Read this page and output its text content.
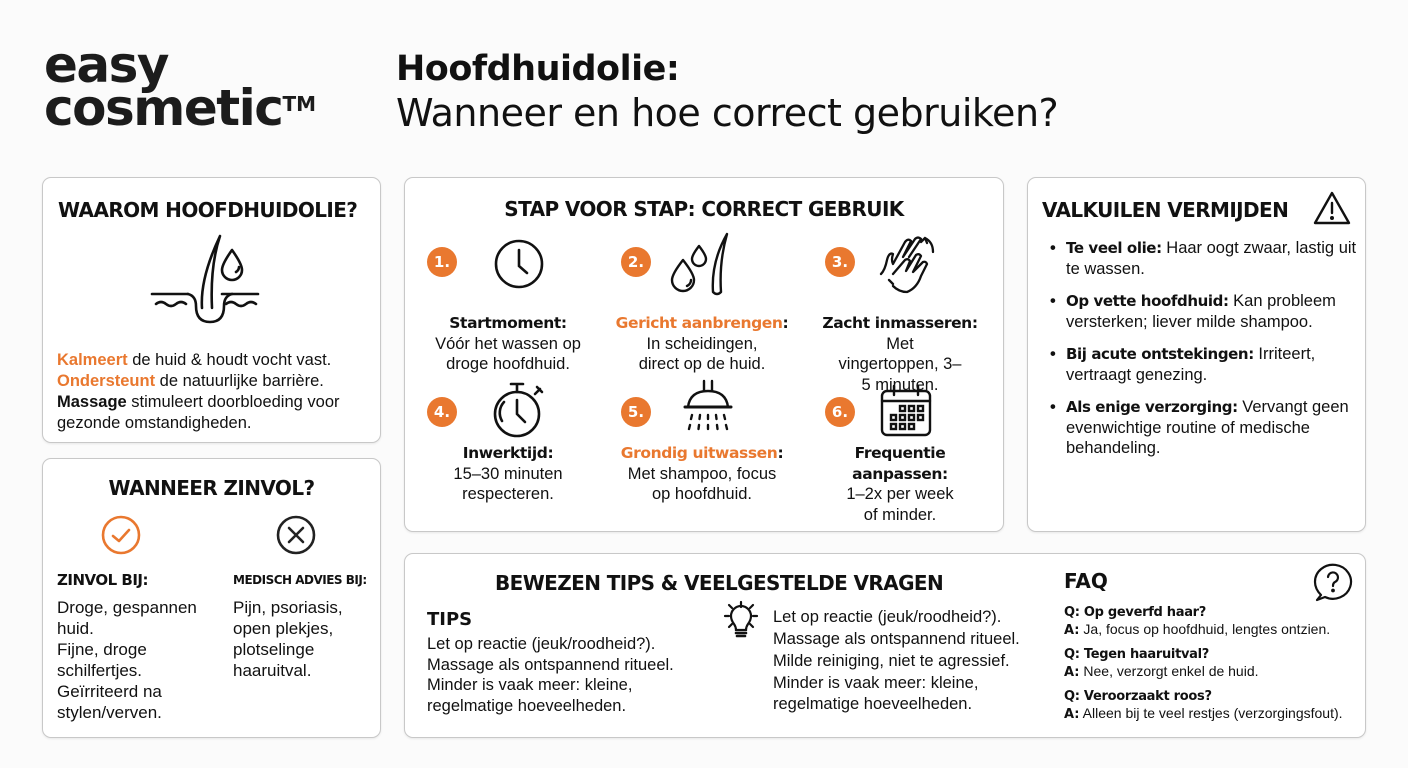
easy
cosmetic™
Hoofdhuidolie:
Wanneer en hoe correct gebruiken?
WAAROM HOOFDHUIDOLIE?
Kalmeert de huid & houdt vocht vast.
Ondersteunt de natuurlijke barrière.
Massage stimuleert doorbloeding voor gezonde omstandigheden.
WANNEER ZINVOL?
ZINVOL BIJ:	MEDISCH ADVIES BIJ:
Droge, gespannen huid.
Fijne, droge schilfertjes.
Geïrriteerd na stylen/verven.
Pijn, psoriasis, open plekjes, plotselinge haaruitval.
STAP VOOR STAP: CORRECT GEBRUIK
1.
Startmoment:
Vóór het wassen op droge hoofdhuid.
2.
Gericht aanbrengen:
In scheidingen, direct op de huid.
3.
Zacht inmasseren:
Met vingertoppen, 3–5 minuten.
4.
Inwerktijd:
15–30 minuten respecteren.
5.
Grondig uitwassen:
Met shampoo, focus op hoofdhuid.
6.
Frequentie aanpassen:
1–2x per week of minder.
VALKUILEN VERMIJDEN
• Te veel olie: Haar oogt zwaar, lastig uit te wassen.
• Op vette hoofdhuid: Kan probleem versterken; liever milde shampoo.
• Bij acute ontstekingen: Irriteert, vertraagt genezing.
• Als enige verzorging: Vervangt geen evenwichtige routine of medische behandeling.
BEWEZEN TIPS & VEELGESTELDE VRAGEN
TIPS
Let op reactie (jeuk/roodheid?).
Massage als ontspannend ritueel.
Minder is vaak meer: kleine,
regelmatige hoeveelheden.
Let op reactie (jeuk/roodheid?).
Massage als ontspannend ritueel.
Milde reiniging, niet te agressief.
Minder is vaak meer: kleine,
regelmatige hoeveelheden.
FAQ
Q: Op geverfd haar?
A: Ja, focus op hoofdhuid, lengtes ontzien.
Q: Tegen haaruitval?
A: Nee, verzorgt enkel de huid.
Q: Veroorzaakt roos?
A: Alleen bij te veel restjes (verzorgingsfout).
